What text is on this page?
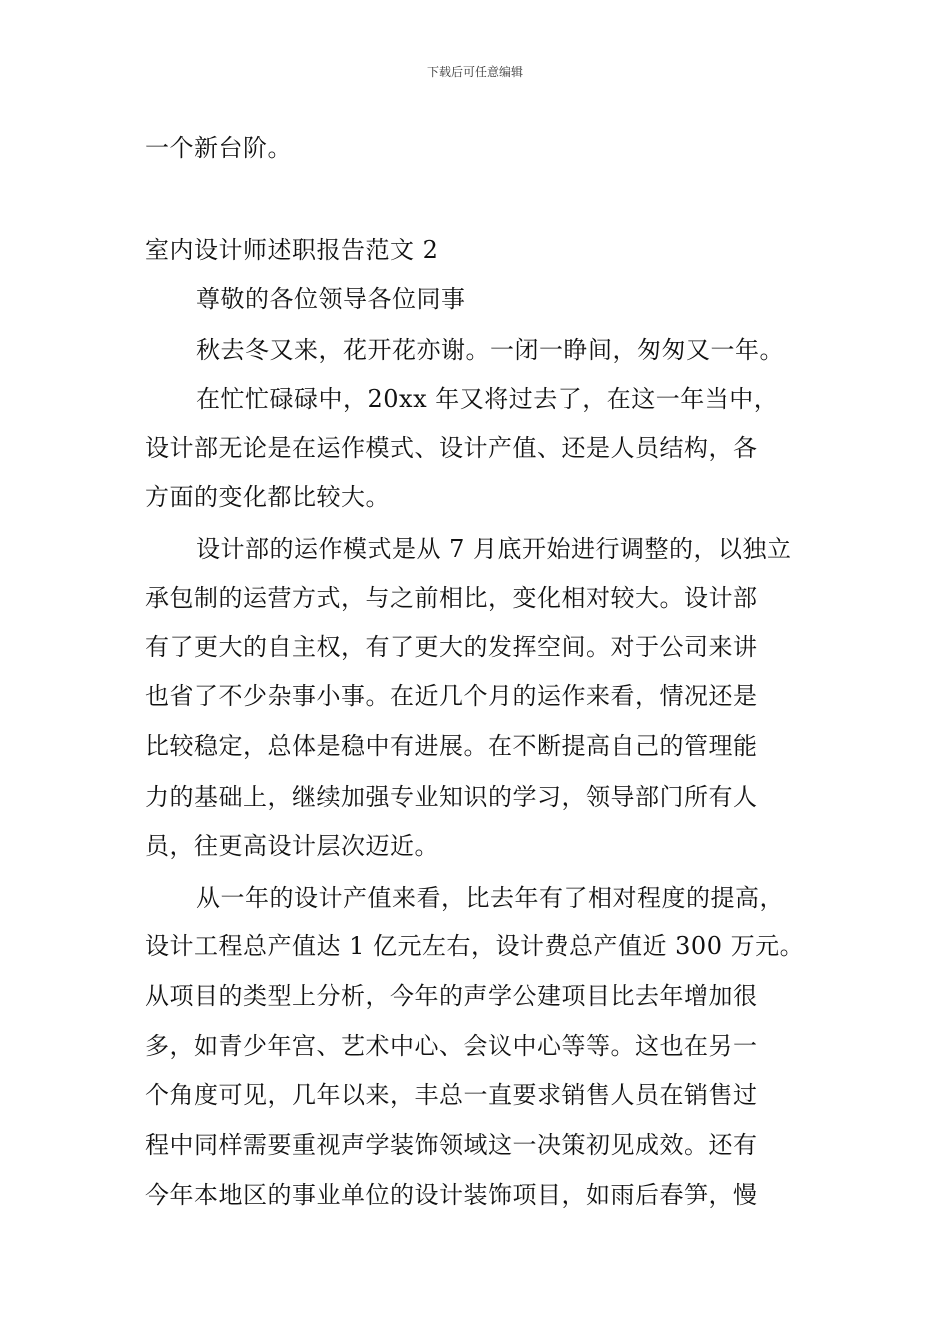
下载后可任意编辑
一个新台阶。
室内设计师述职报告范文 2
尊敬的各位领导各位同事
秋去冬又来，花开花亦谢。一闭一睁间，匆匆又一年。
在忙忙碌碌中，20xx 年又将过去了，在这一年当中，
设计部无论是在运作模式、设计产值、还是人员结构，各
方面的变化都比较大。
设计部的运作模式是从 7 月底开始进行调整的，以独立
承包制的运营方式，与之前相比，变化相对较大。设计部
有了更大的自主权，有了更大的发挥空间。对于公司来讲
也省了不少杂事小事。在近几个月的运作来看，情况还是
比较稳定，总体是稳中有进展。在不断提高自己的管理能
力的基础上，继续加强专业知识的学习，领导部门所有人
员，往更高设计层次迈近。
从一年的设计产值来看，比去年有了相对程度的提高，
设计工程总产值达 1 亿元左右，设计费总产值近 300 万元。
从项目的类型上分析，今年的声学公建项目比去年增加很
多，如青少年宫、艺术中心、会议中心等等。这也在另一
个角度可见，几年以来，丰总一直要求销售人员在销售过
程中同样需要重视声学装饰领域这一决策初见成效。还有
今年本地区的事业单位的设计装饰项目，如雨后春笋，慢
